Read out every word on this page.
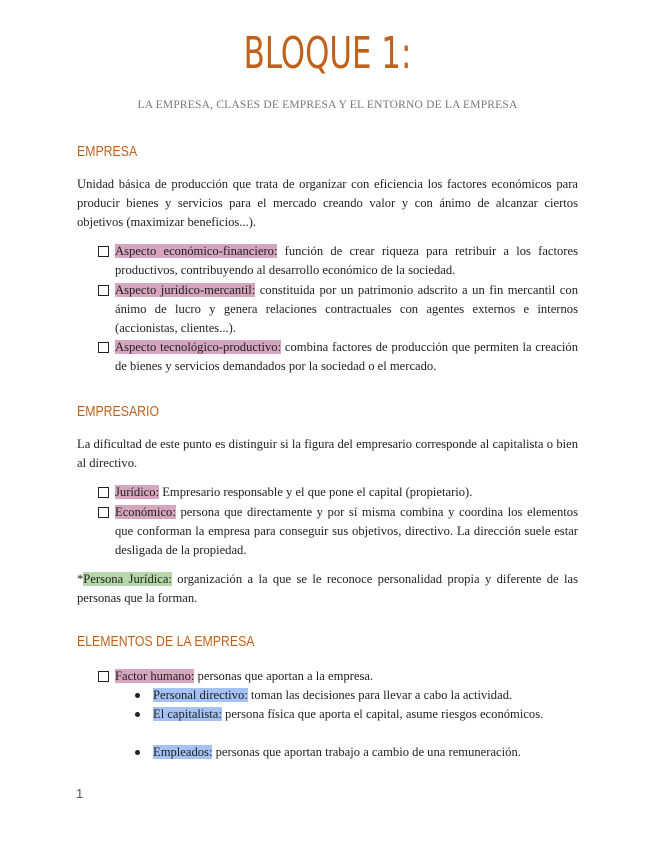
BLOQUE 1:
LA EMPRESA, CLASES DE EMPRESA Y EL ENTORNO DE LA EMPRESA
EMPRESA
Unidad básica de producción que trata de organizar con eficiencia los factores económicos para producir bienes y servicios para el mercado creando valor y con ánimo de alcanzar ciertos objetivos (maximizar beneficios...).
Aspecto económico-financiero: función de crear riqueza para retribuir a los factores productivos, contribuyendo al desarrollo económico de la sociedad.
Aspecto jurídico-mercantil: constituida por un patrimonio adscrito a un fin mercantil con ánimo de lucro y genera relaciones contractuales con agentes externos e internos (accionistas, clientes...).
Aspecto tecnológico-productivo: combina factores de producción que permiten la creación de bienes y servicios demandados por la sociedad o el mercado.
EMPRESARIO
La dificultad de este punto es distinguir si la figura del empresario corresponde al capitalista o bien al directivo.
Jurídico: Empresario responsable y el que pone el capital (propietario).
Económico: persona que directamente y por sí misma combina y coordina los elementos que conforman la empresa para conseguir sus objetivos, directivo. La dirección suele estar desligada de la propiedad.
*Persona Jurídica: organización a la que se le reconoce personalidad propia y diferente de las personas que la forman.
ELEMENTOS DE LA EMPRESA
Factor humano: personas que aportan a la empresa.
Personal directivo: toman las decisiones para llevar a cabo la actividad.
El capitalista: persona física que aporta el capital, asume riesgos económicos.
Empleados: personas que aportan trabajo a cambio de una remuneración.
1
